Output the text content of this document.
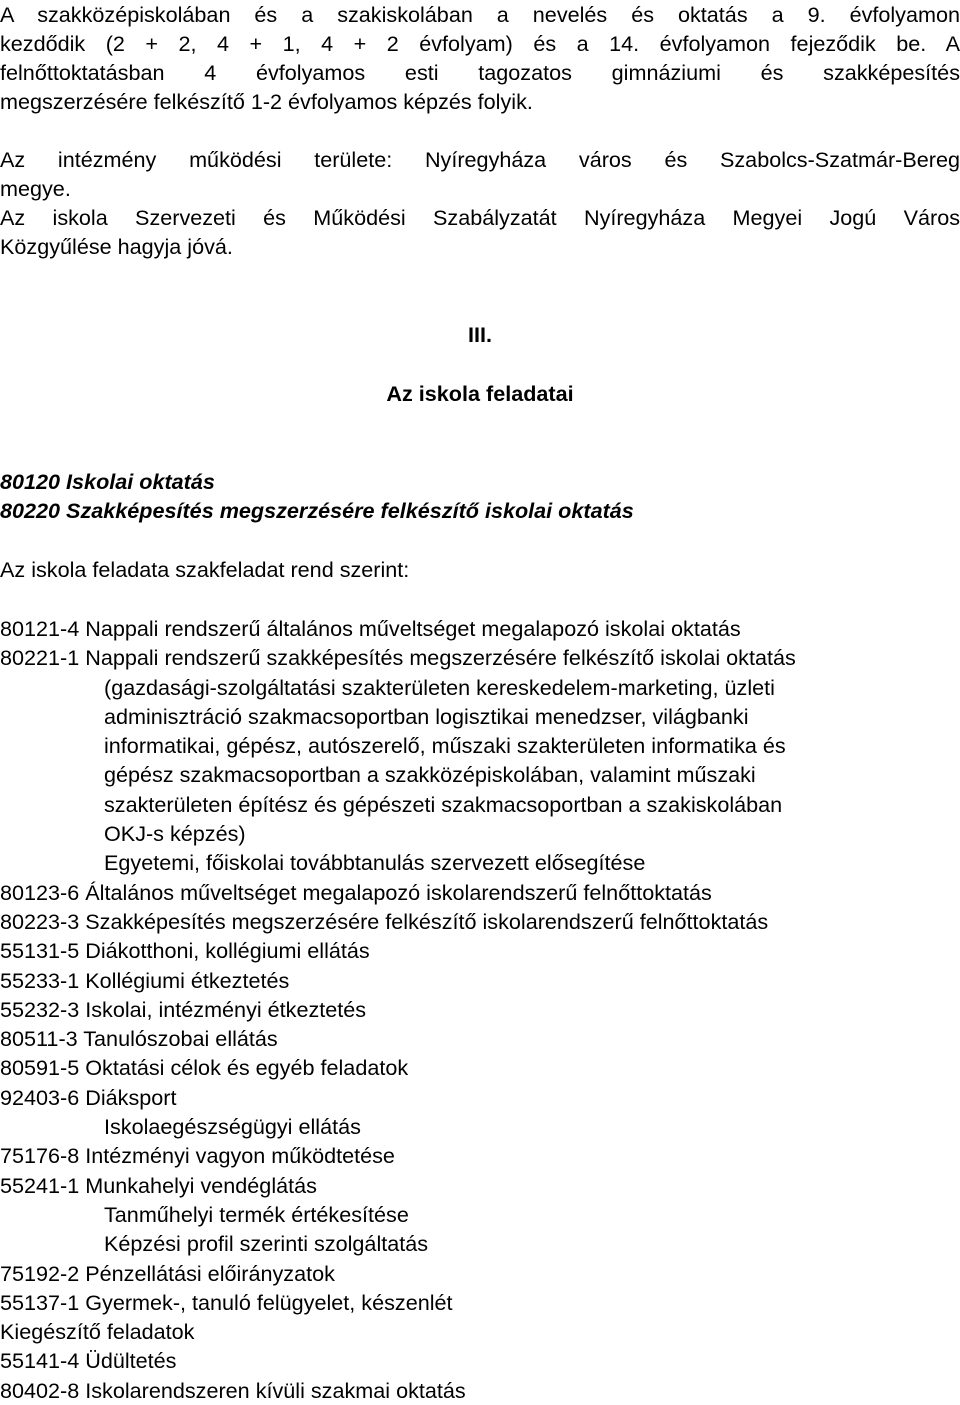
A szakközépiskolában és a szakiskolában a nevelés és oktatás a 9. évfolyamon
kezdődik (2 + 2, 4 + 1, 4 + 2 évfolyam) és a 14. évfolyamon fejeződik be. A
felnőttoktatásban 4 évfolyamos esti tagozatos gimnáziumi és szakképesítés
megszerzésére felkészítő 1-2 évfolyamos képzés folyik.
Az intézmény működési területe: Nyíregyháza város és Szabolcs-Szatmár-Bereg
megye.
Az iskola Szervezeti és Működési Szabályzatát Nyíregyháza Megyei Jogú Város
Közgyűlése hagyja jóvá.
III.
Az iskola feladatai
80120 Iskolai oktatás
80220 Szakképesítés megszerzésére felkészítő iskolai oktatás
Az iskola feladata szakfeladat rend szerint:
80121-4 Nappali rendszerű általános műveltséget megalapozó iskolai oktatás
80221-1 Nappali rendszerű szakképesítés megszerzésére felkészítő iskolai oktatás
(gazdasági-szolgáltatási szakterületen kereskedelem-marketing, üzleti
adminisztráció szakmacsoportban logisztikai menedzser, világbanki
informatikai, gépész, autószerelő, műszaki szakterületen informatika és
gépész szakmacsoportban a szakközépiskolában, valamint műszaki
szakterületen építész és gépészeti szakmacsoportban a szakiskolában
OKJ-s képzés)
Egyetemi, főiskolai továbbtanulás szervezett elősegítése
80123-6 Általános műveltséget megalapozó iskolarendszerű felnőttoktatás
80223-3 Szakképesítés megszerzésére felkészítő iskolarendszerű felnőttoktatás
55131-5 Diákotthoni, kollégiumi ellátás
55233-1 Kollégiumi étkeztetés
55232-3 Iskolai, intézményi étkeztetés
80511-3 Tanulószobai ellátás
80591-5 Oktatási célok és egyéb feladatok
92403-6 Diáksport
Iskolaegészségügyi ellátás
75176-8 Intézményi vagyon működtetése
55241-1 Munkahelyi vendéglátás
Tanműhelyi termék értékesítése
Képzési profil szerinti szolgáltatás
75192-2 Pénzellátási előirányzatok
55137-1 Gyermek-, tanuló felügyelet, készenlét
Kiegészítő feladatok
55141-4 Üdültetés
80402-8 Iskolarendszeren kívüli szakmai oktatás
